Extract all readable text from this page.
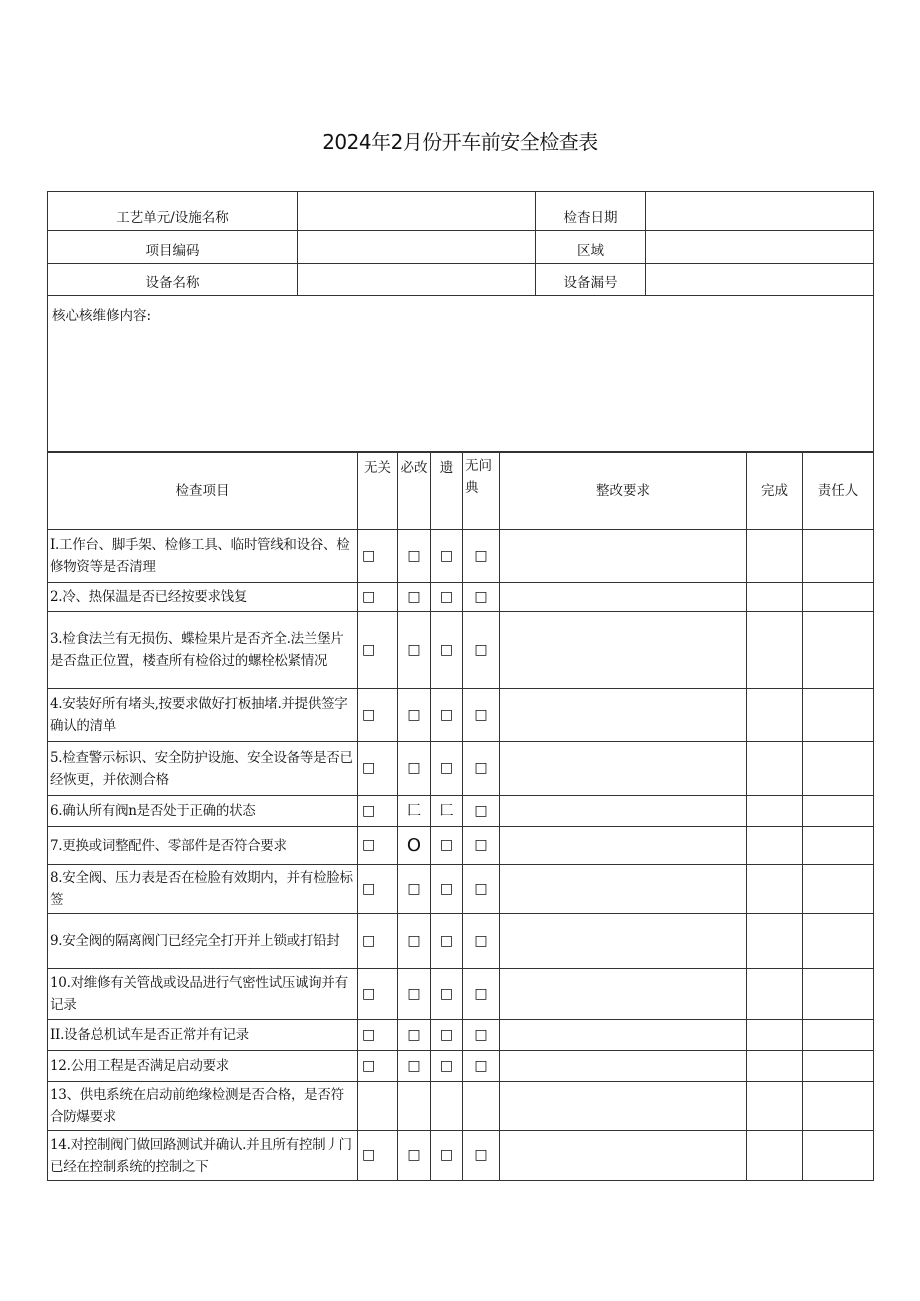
2024年2月份开车前安全检查表
工艺单元/设施名称		检杳日期	
项目编码		区域	
设备名称		设备漏号	
核心核维修内容:			
检查项目	无关	必改	遗	无问典	整改要求	完成	责任人
I.工作台、脚手架、检修工具、临时管线和设谷、检修物资等是否清理	□	□	□	□			
2.冷、热保温是否已经按要求饯复	□	□	□	□			
3.检食法兰有无损伤、蝶检果片是否齐全.法兰堡片是否盘正位置，楼查所有检俗过的螺栓松紧情况	□	□	□	□			
4.安装好所有堵头,按要求做好打板抽堵.并提供签字确认的清单	□	□	□	□			
5.检查警示标识、安全防护设施、安全设备等是否已经恢更，并依测合格	□	□	□	□			
6.确认所有阀n是否处于正确的状态	□	匚	匚	□			
7.更换或词整配件、零部件是否符合要求	□	O	□	□			
8.安全阀、压力表是否在检脸有效期内，并有检脸标签	□	□	□	□			
9.安全阀的隔离阀门已经完全打开并上锁或打铅封	□	□	□	□			
10.对维修有关管战或设品进行气密性试压诚询并有记录	□	□	□	□			
II.设备总机试车是否正常并有记录	□	□	□	□			
12.公用工程是否满足启动要求	□	□	□	□			
13、供电系统在启动前绝缘检测是否合格，是否符合防爆要求							
14.对控制阀门做回路测试并确认.并且所有控制丿门已经在控制系统的控制之下	□	□	□	□			
